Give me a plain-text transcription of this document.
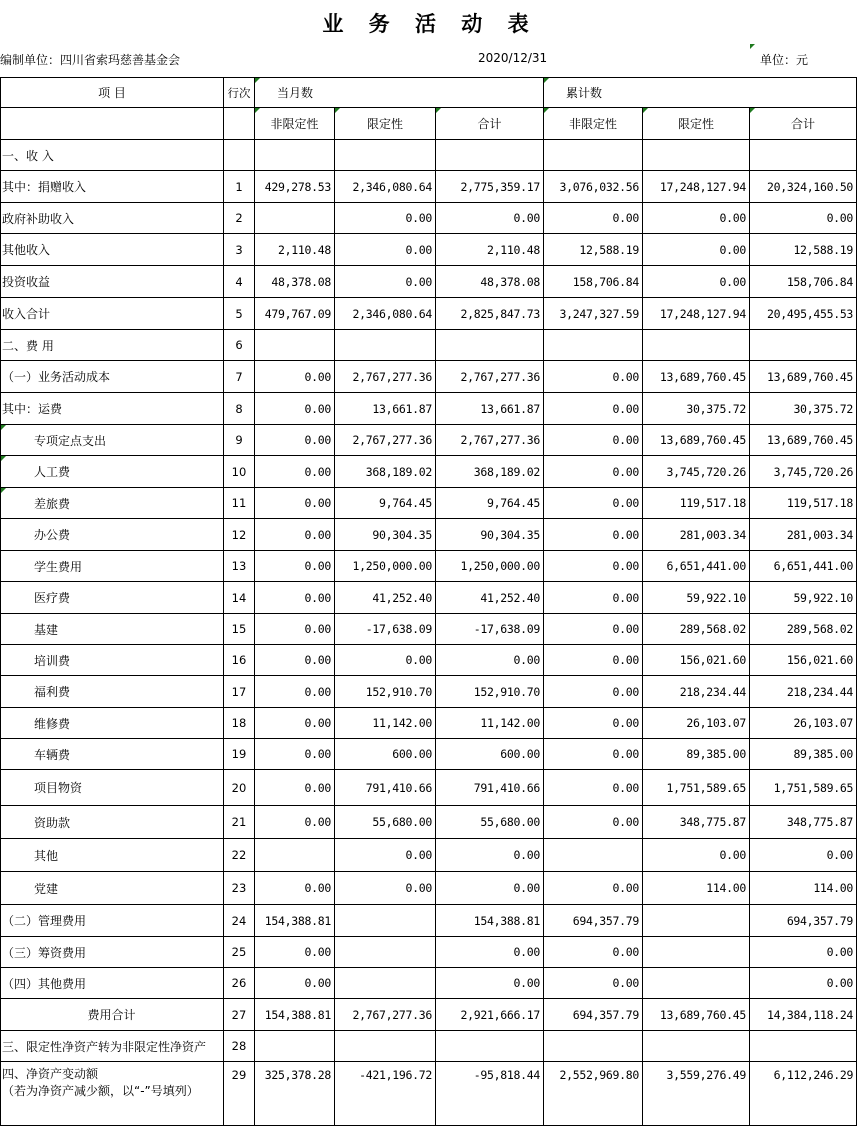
业 务 活 动 表
编制单位：四川省索玛慈善基金会	2020/12/31	单位：元
项 目	行次	当月数			累计数		
		非限定性	限定性	合计	非限定性	限定性	合计
一、收 入							
其中：捐赠收入	1	429,278.53	2,346,080.64	2,775,359.17	3,076,032.56	17,248,127.94	20,324,160.50
政府补助收入	2		0.00	0.00	0.00	0.00	0.00
其他收入	3	2,110.48	0.00	2,110.48	12,588.19	0.00	12,588.19
投资收益	4	48,378.08	0.00	48,378.08	158,706.84	0.00	158,706.84
收入合计	5	479,767.09	2,346,080.64	2,825,847.73	3,247,327.59	17,248,127.94	20,495,455.53
二、费 用	6						
（一）业务活动成本	7	0.00	2,767,277.36	2,767,277.36	0.00	13,689,760.45	13,689,760.45
其中：运费	8	0.00	13,661.87	13,661.87	0.00	30,375.72	30,375.72
专项定点支出	9	0.00	2,767,277.36	2,767,277.36	0.00	13,689,760.45	13,689,760.45
人工费	10	0.00	368,189.02	368,189.02	0.00	3,745,720.26	3,745,720.26
差旅费	11	0.00	9,764.45	9,764.45	0.00	119,517.18	119,517.18
办公费	12	0.00	90,304.35	90,304.35	0.00	281,003.34	281,003.34
学生费用	13	0.00	1,250,000.00	1,250,000.00	0.00	6,651,441.00	6,651,441.00
医疗费	14	0.00	41,252.40	41,252.40	0.00	59,922.10	59,922.10
基建	15	0.00	-17,638.09	-17,638.09	0.00	289,568.02	289,568.02
培训费	16	0.00	0.00	0.00	0.00	156,021.60	156,021.60
福利费	17	0.00	152,910.70	152,910.70	0.00	218,234.44	218,234.44
维修费	18	0.00	11,142.00	11,142.00	0.00	26,103.07	26,103.07
车辆费	19	0.00	600.00	600.00	0.00	89,385.00	89,385.00
项目物资	20	0.00	791,410.66	791,410.66	0.00	1,751,589.65	1,751,589.65
资助款	21	0.00	55,680.00	55,680.00	0.00	348,775.87	348,775.87
其他	22		0.00	0.00		0.00	0.00
党建	23	0.00	0.00	0.00	0.00	114.00	114.00
（二）管理费用	24	154,388.81		154,388.81	694,357.79		694,357.79
（三）筹资费用	25	0.00		0.00	0.00		0.00
（四）其他费用	26	0.00		0.00	0.00		0.00
费用合计	27	154,388.81	2,767,277.36	2,921,666.17	694,357.79	13,689,760.45	14,384,118.24
三、限定性净资产转为非限定性净资产	28						
四、净资产变动额
（若为净资产减少额，以“-”号填列）	29	325,378.28	-421,196.72	-95,818.44	2,552,969.80	3,559,276.49	6,112,246.29
